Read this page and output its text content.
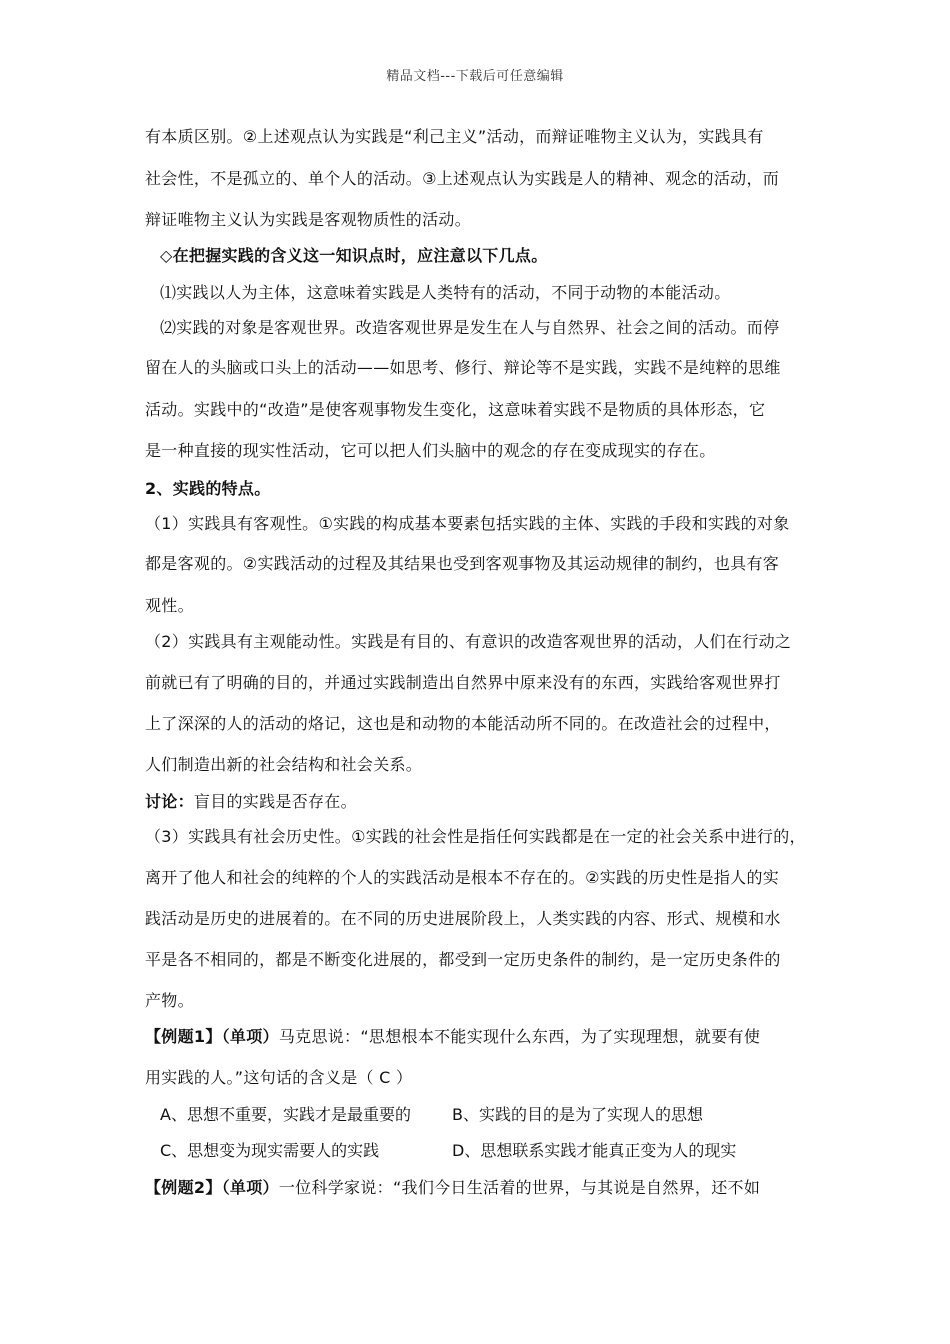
精品文档---下载后可任意编辑
有本质区别。②上述观点认为实践是“利己主义”活动，而辩证唯物主义认为，实践具有
社会性，不是孤立的、单个人的活动。③上述观点认为实践是人的精神、观念的活动，而
辩证唯物主义认为实践是客观物质性的活动。
◇在把握实践的含义这一知识点时，应注意以下几点。
⑴实践以人为主体，这意味着实践是人类特有的活动，不同于动物的本能活动。
⑵实践的对象是客观世界。改造客观世界是发生在人与自然界、社会之间的活动。而停
留在人的头脑或口头上的活动——如思考、修行、辩论等不是实践，实践不是纯粹的思维
活动。实践中的“改造”是使客观事物发生变化，这意味着实践不是物质的具体形态，它
是一种直接的现实性活动，它可以把人们头脑中的观念的存在变成现实的存在。
2、实践的特点。
（1）实践具有客观性。①实践的构成基本要素包括实践的主体、实践的手段和实践的对象
都是客观的。②实践活动的过程及其结果也受到客观事物及其运动规律的制约，也具有客
观性。
（2）实践具有主观能动性。实践是有目的、有意识的改造客观世界的活动，人们在行动之
前就已有了明确的目的，并通过实践制造出自然界中原来没有的东西，实践给客观世界打
上了深深的人的活动的烙记，这也是和动物的本能活动所不同的。在改造社会的过程中，
人们制造出新的社会结构和社会关系。
讨论：盲目的实践是否存在。
（3）实践具有社会历史性。①实践的社会性是指任何实践都是在一定的社会关系中进行的，
离开了他人和社会的纯粹的个人的实践活动是根本不存在的。②实践的历史性是指人的实
践活动是历史的进展着的。在不同的历史进展阶段上，人类实践的内容、形式、规模和水
平是各不相同的，都是不断变化进展的，都受到一定历史条件的制约，是一定历史条件的
产物。
【例题1】（单项）马克思说：“思想根本不能实现什么东西，为了实现理想，就要有使
用实践的人。”这句话的含义是（ C ）
A、思想不重要，实践才是最重要的	B、实践的目的是为了实现人的思想
C、思想变为现实需要人的实践	D、思想联系实践才能真正变为人的现实
【例题2】（单项）一位科学家说：“我们今日生活着的世界，与其说是自然界，还不如
